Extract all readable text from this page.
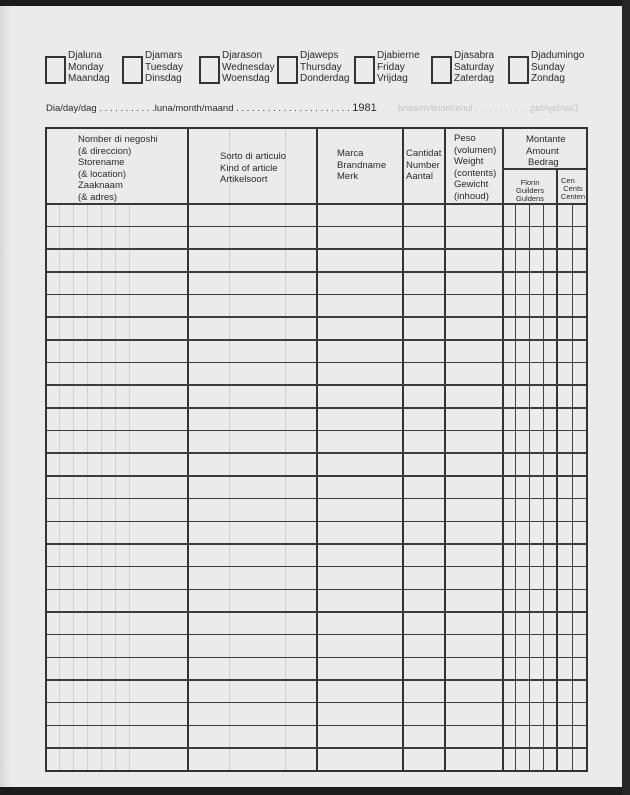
Djaluna
Monday
Maandag
Djamars
Tuesday
Dinsdag
Djarason
Wednesday
Woensdag
Djaweps
Thursday
Donderdag
Djabierne
Friday
Vrijdag
Djasabra
Saturday
Zaterdag
Djadumingo
Sunday
Zondag
Dia/day/dag . . . . . . . . . . .luna/month/maand . . . . . . . . . . . . . . . . . . . . . . 1981 Dia/day/dag . . . . . . . . . . . luna/month/maand
Nomber di negoshi
(& direccion)
Storename
(& location)
Zaaknaam
(& adres)
Sorto di articulo
Kind of article
Artikelsoort
Marca
Brandname
Merk
Cantidat
Number
Aantal
Peso
(volumen)
Weight
(contents)
Gewicht
(inhoud)
Montante
Amount
Bedrag
Florin
Guilders
Guldens
Cen
Cents
Centen
